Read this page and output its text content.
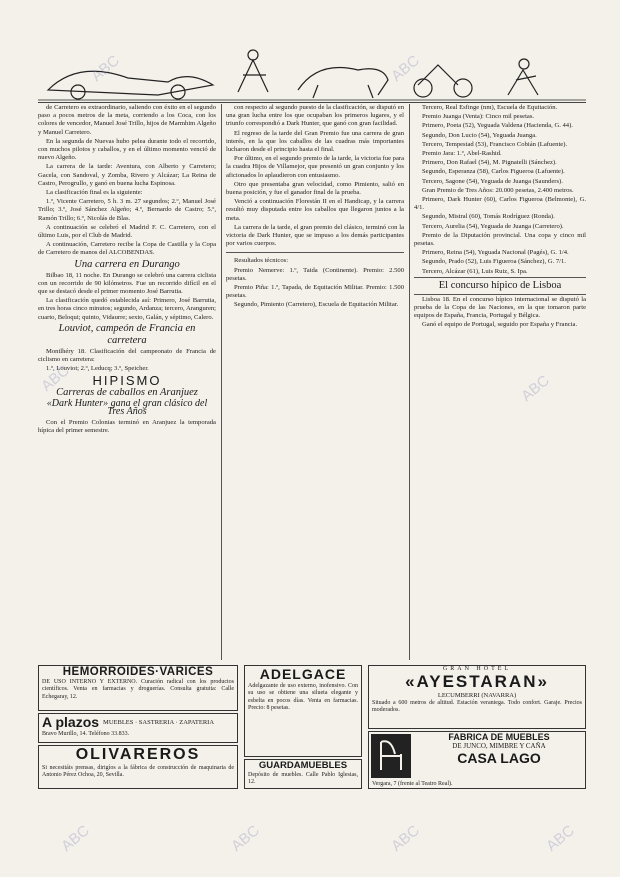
de Carretero es extraordinario, saliendo con éxito en el segundo paso a pocos metros de la meta, corriendo a los Coca, con los colores de vencedor, Manuel José Trillo, hijos de Marmhim Algeño y Manuel Carretero.

En la segunda de Nuevas hubo pelea durante todo el recorrido, con muchos pilotos y caballos, y en el último momento venció de nuevo Algeño.

La carrera de la tarde: Aventura, con Alberto y Carretero; Gacela, con Sandoval, y Zomba, Rivero y Alcázar; La Reina de Castro, Perogrullo, y ganó en buena lucha Espinosa.

La clasificación final es la siguiente:

1.º, Vicente Carretero, 5 h. 3 m. 27 segundos; 2.º, Manuel José Trillo; 3.º, José Sánchez Algeño; 4.º, Bernardo de Castro; 5.º, Ramón Trillo; 6.º, Nicolás de Blas.

A continuación se celebró el Madrid F. C. Carretero, con el último Luis, por el Club de Madrid.

A continuación, Carretero recibe la Copa de Castilla y la Copa de Carretero de manos del ALCOBENDAS.

Una carrera en Durango

Bilbao 18, 11 noche. En Durango se celebró una carrera ciclista con un recorrido de 90 kilómetros. Fue un recorrido difícil en el que se destacó desde el primer momento José Barrutia.

La clasificación quedó establecida así: Primero, José Barrutia, en tres horas cinco minutos; segundo, Ardanza; tercero, Aranguren; cuarto, Beloqui; quinto, Vidaurre; sexto, Galán, y séptimo, Calero.

Louviot, campeón de Francia en carretera

Montlhéry 18. Clasificación del campeonato de Francia de ciclismo en carretera:

1.º, Louviot; 2.º, Leducq; 3.º, Speicher.

HIPISMO

Carreras de caballos en Aranjuez

«Dark Hunter» gana el gran clásico del Tres Años

Con el Premio Colonias terminó en Aranjuez la temporada hípica del primer semestre.

con respecto al segundo puesto de la clasificación, se disputó en una gran lucha entre los que ocupaban los primeros lugares, y el triunfo correspondió a Dark Hunter, que ganó con gran facilidad.

El regreso de la tarde del Gran Premio fue una carrera de gran interés, en la que los caballos de las cuadras más importantes lucharon desde el principio hasta el final.

Por último, en el segundo premio de la tarde, la victoria fue para la cuadra Hijos de Villamejor, que presentó un gran conjunto y los aficionados lo aplaudieron con entusiasmo.

Otro que presentaba gran velocidad, como Pimiento, salió en buena posición, y fue el ganador final de la prueba.

Venció a continuación Florestán II en el Handicap, y la carrera resultó muy disputada entre los caballos que llegaron juntos a la meta.

La carrera de la tarde, el gran premio del clásico, terminó con la victoria de Dark Hunter, que se impuso a los demás participantes por varios cuerpos.

Resultados técnicos:

Premio Nemerve: 1.º, Taida (Continente). Premio: 2.500 pesetas.

Premio Piña: 1.º, Tapada, de Equitación Militar. Premio: 1.500 pesetas.

Segundo, Pimiento (Carretero), Escuela de Equitación Militar.

Tercero, Real Esfinge (nm), Escuela de Equitación.

Premio Juanga (Venta): Cinco mil pesetas.

Primero, Poeta (52), Yeguada Valdena (Hacienda, G. 44).

Segundo, Don Lucio (54), Yeguada Juanga.

Tercero, Tempestad (53), Francisco Cobián (Lafuente).

Premio Jara: 1.º, Abel-Rashid.

Primero, Don Rafael (54), M. Pignatelli (Sánchez).

Segundo, Esperanza (58), Carlos Figueroa (Lafuente).

Tercero, Sagone (54), Yeguada de Juanga (Saunders).

Gran Premio de Tres Años: 20.000 pesetas, 2.400 metros.

Primero, Dark Hunter (60), Carlos Figueroa (Belmonte), G. 4/1.

Segundo, Mistral (60), Tomás Rodríguez (Ronda).

Tercero, Aurelia (54), Yeguada de Juanga (Carretero).

Premio de la Diputación provincial. Una copa y cinco mil pesetas.

Primero, Reina (54), Yeguada Nacional (Pagés), G. 1/4.

Segundo, Prado (52), Luis Figueroa (Sánchez), G. 7/1.

Tercero, Alcázar (61), Luis Ruiz, S. Ipa.

El concurso hípico de Lisboa

Lisboa 18. En el concurso hípico internacional se disputó la prueba de la Copa de las Naciones, en la que tomaron parte equipos de España, Francia, Portugal y Bélgica.

Ganó el equipo de Portugal, seguido por España y Francia.

HEMORROIDES·VARICES
DE USO INTERNO Y EXTERNO. Curación radical con los productos científicos. Venta en farmacias y droguerías. Consulta gratuita: Calle Echegaray, 12.
A plazos MUEBLES · SASTRERIA · ZAPATERIA
Bravo Murillo, 14. Teléfono 33.833.
OLIVAREROS
Si necesitáis prensas, dirigíos a la fábrica de construcción de maquinaria de Antonio Pérez Ochoa, 20, Sevilla.
ADELGACE
Adelgazante de uso externo, inofensivo. Con su uso se obtiene una silueta elegante y esbelta en pocos días. Venta en farmacias. Precio: 8 pesetas.
GUARDAMUEBLES
Depósito de muebles. Calle Pablo Iglesias, 12.
GRAN HOTEL
«AYESTARAN»
LECUMBERRI (NAVARRA)
Situado a 600 metros de altitud. Estación veraniega. Todo confort. Garaje. Precios moderados.
FABRICA DE MUEBLES
DE JUNCO, MIMBRE Y CAÑA
CASA LAGO
Vergara, 7 (frente al Teatro Real).
ABC	ABC
ABC	ABC
ABC	ABC	ABC	ABC
